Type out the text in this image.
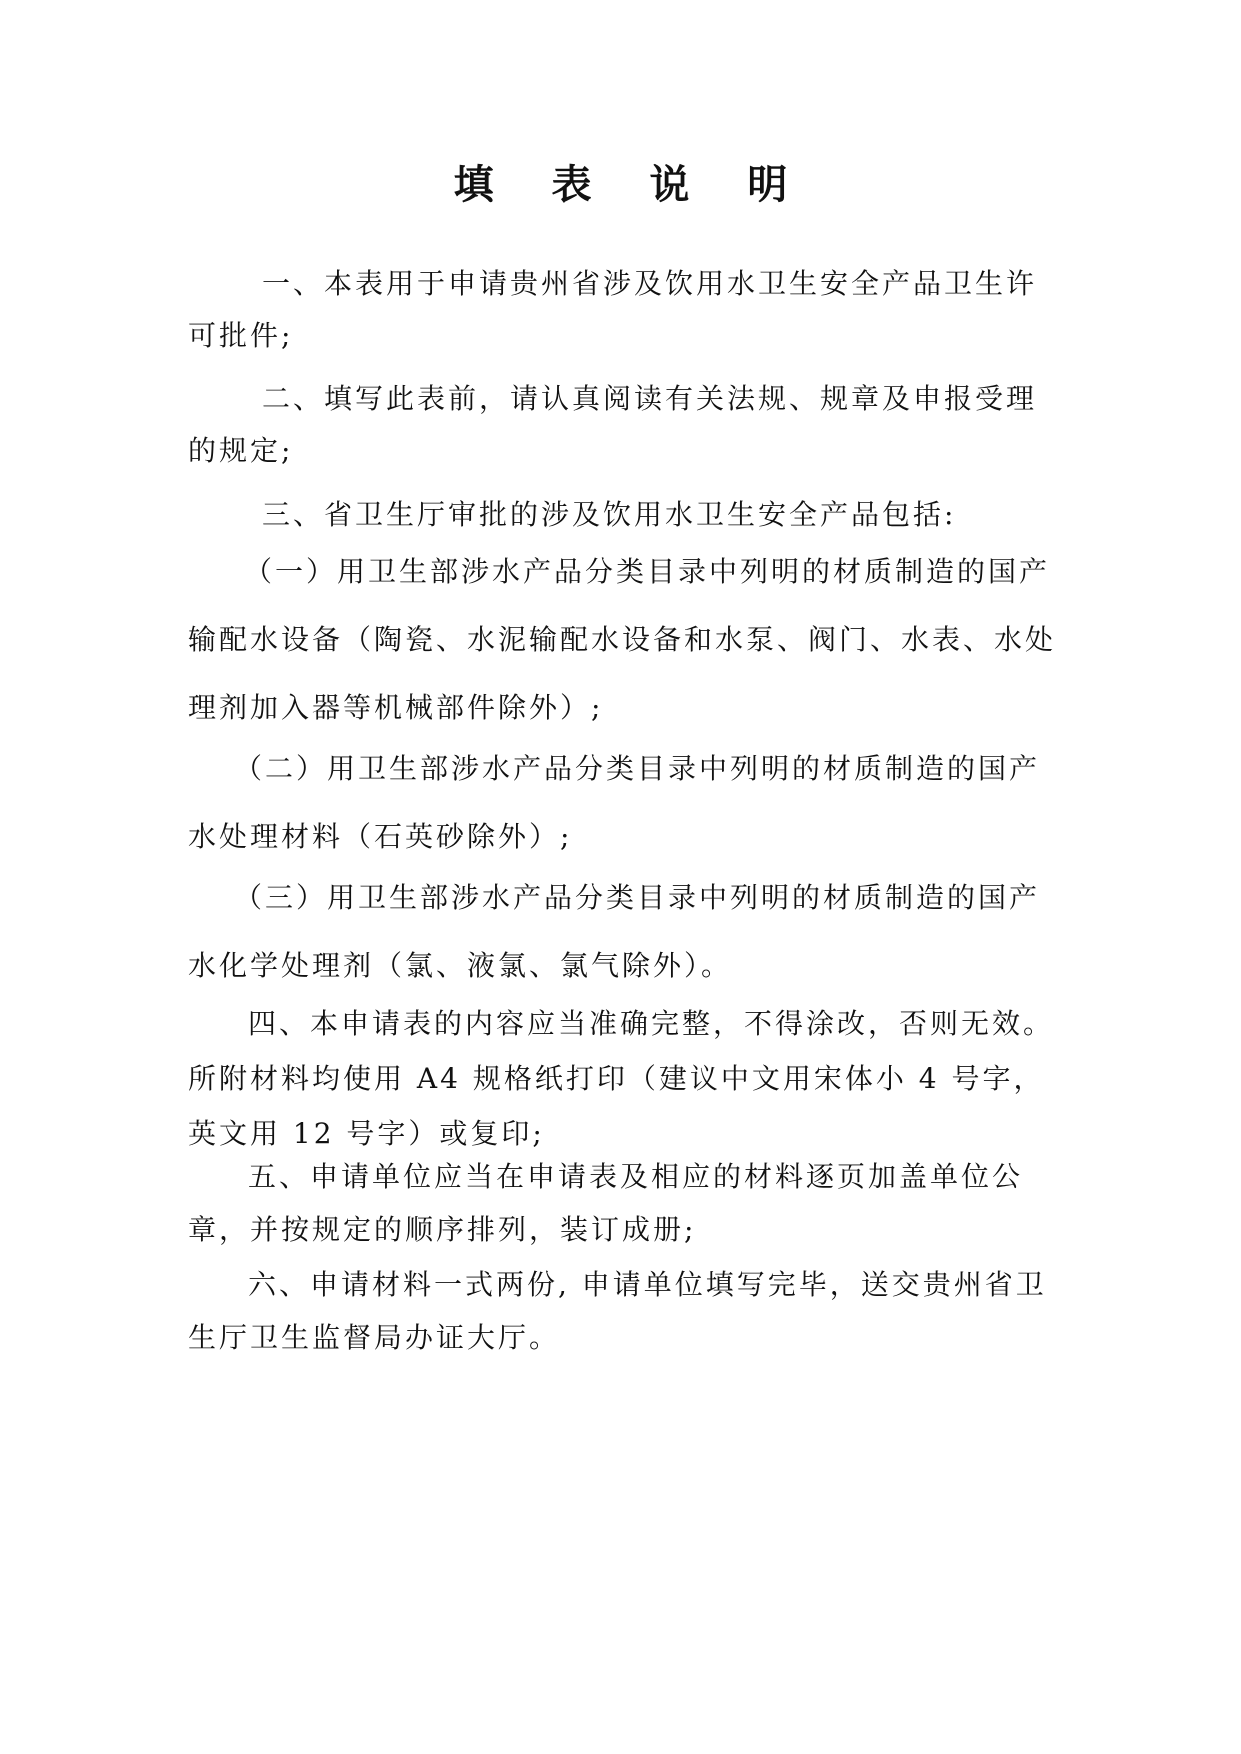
填 表 说 明

一、本表用于申请贵州省涉及饮用水卫生安全产品卫生许可批件;

二、填写此表前，请认真阅读有关法规、规章及申报受理的规定;

三、省卫生厅审批的涉及饮用水卫生安全产品包括:

（一）用卫生部涉水产品分类目录中列明的材质制造的国产输配水设备（陶瓷、水泥输配水设备和水泵、阀门、水表、水处理剂加入器等机械部件除外）;

（二）用卫生部涉水产品分类目录中列明的材质制造的国产水处理材料（石英砂除外）;

（三）用卫生部涉水产品分类目录中列明的材质制造的国产水化学处理剂（氯、液氯、氯气除外）。

四、本申请表的内容应当准确完整，不得涂改，否则无效。所附材料均使用 A4 规格纸打印（建议中文用宋体小 4 号字，英文用 12 号字）或复印;

五、申请单位应当在申请表及相应的材料逐页加盖单位公章，并按规定的顺序排列，装订成册;

六、申请材料一式两份, 申请单位填写完毕，送交贵州省卫生厅卫生监督局办证大厅。
